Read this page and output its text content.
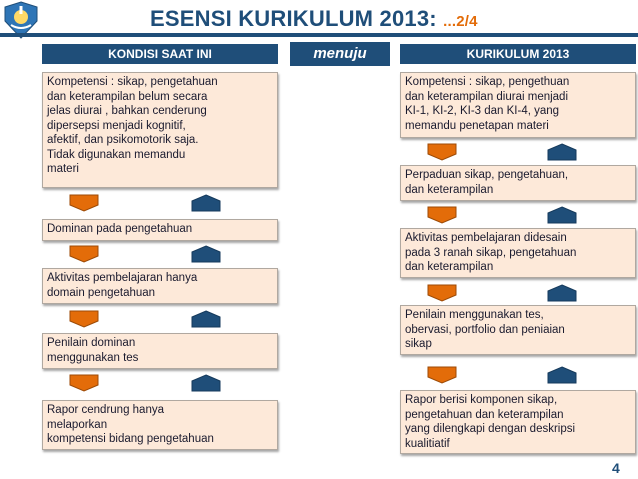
ESENSI KURIKULUM 2013: ...2/4
KONDISI SAAT INI	menuju	KURIKULUM 2013
Kompetensi : sikap, pengetahuan
dan keterampilan belum secara
jelas diurai , bahkan cenderung
dipersepsi menjadi kognitif,
afektif, dan psikomotorik saja.
Tidak digunakan memandu
materi
Dominan pada pengetahuan
Aktivitas pembelajaran hanya
domain pengetahuan
Penilain dominan
menggunakan tes
Rapor cendrung hanya
melaporkan
kompetensi bidang pengetahuan
Kompetensi : sikap, pengethuan
dan keterampilan diurai menjadi
KI-1, KI-2, KI-3 dan KI-4, yang
memandu penetapan materi
Perpaduan sikap, pengetahuan,
dan keterampilan
Aktivitas pembelajaran didesain
pada 3 ranah sikap, pengetahuan
dan keterampilan
Penilain menggunakan tes,
obervasi, portfolio dan peniaian
sikap
Rapor berisi komponen sikap,
pengetahuan dan keterampilan
yang dilengkapi dengan deskripsi
kualitiatif
4
